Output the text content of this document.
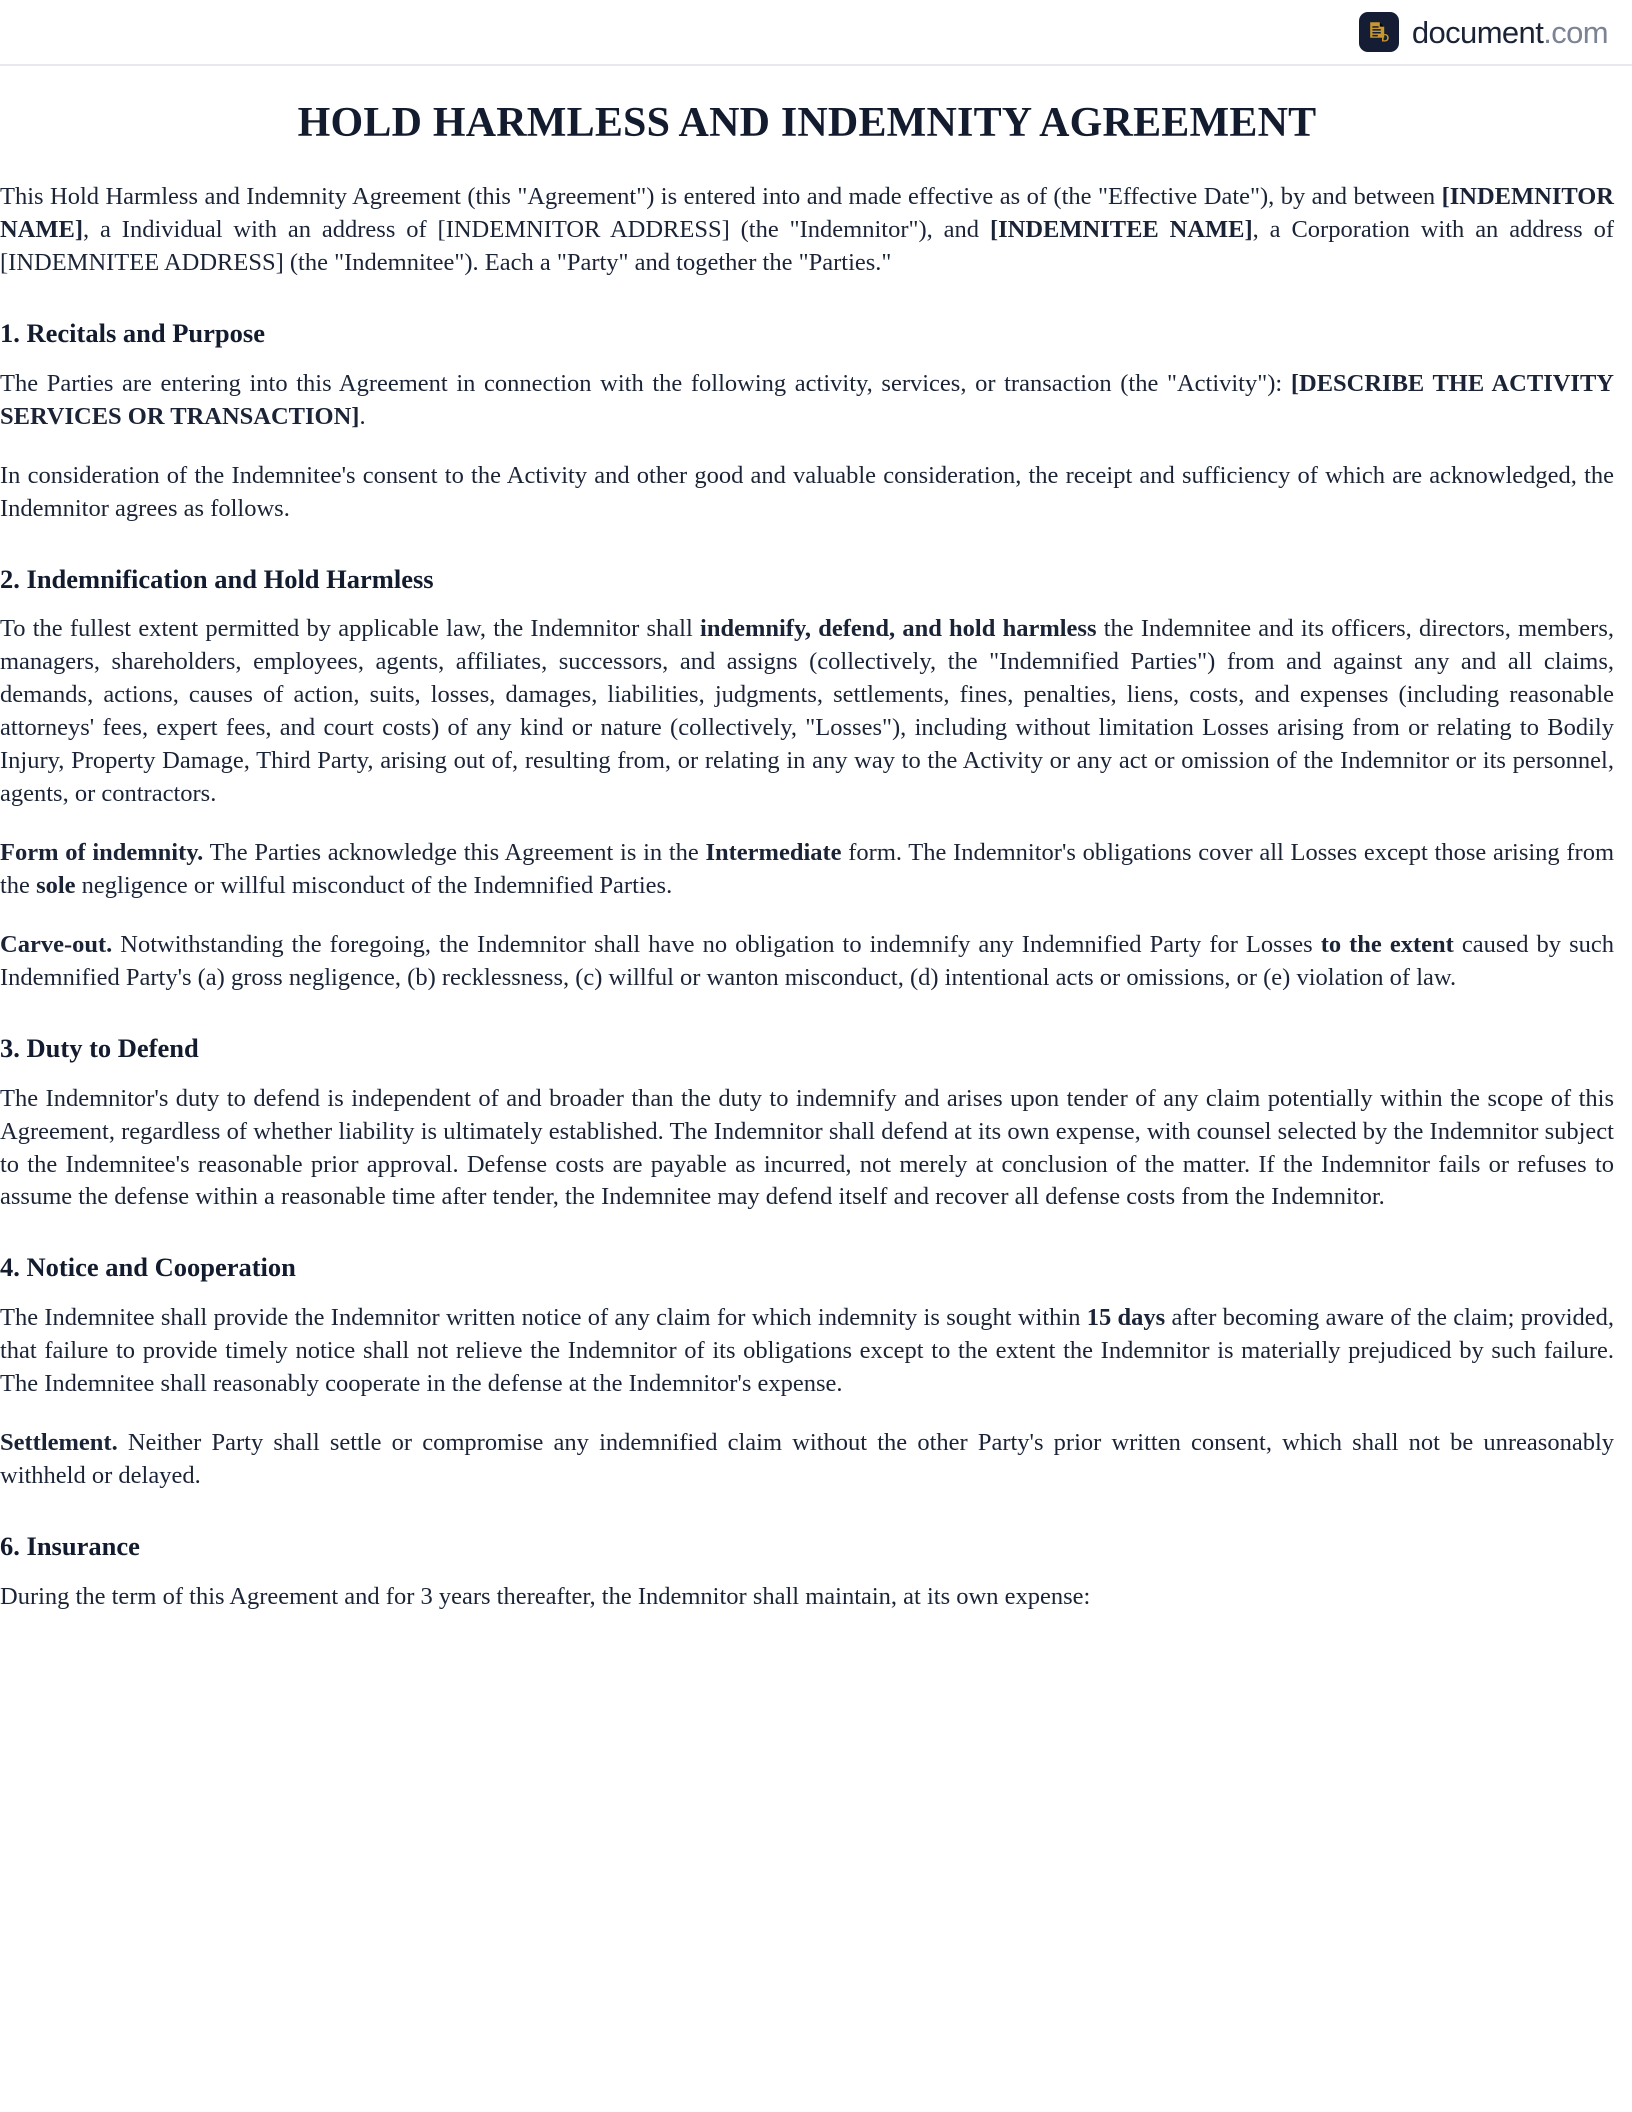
D document.com
HOLD HARMLESS AND INDEMNITY AGREEMENT

This Hold Harmless and Indemnity Agreement (this "Agreement") is entered into and made effective as of (the "Effective Date"), by and between [INDEMNITOR NAME], a Individual with an address of [INDEMNITOR ADDRESS] (the "Indemnitor"), and [INDEMNITEE NAME], a Corporation with an address of [INDEMNITEE ADDRESS] (the "Indemnitee"). Each a "Party" and together the "Parties."

1. Recitals and Purpose

The Parties are entering into this Agreement in connection with the following activity, services, or transaction (the "Activity"): [DESCRIBE THE ACTIVITY SERVICES OR TRANSACTION].

In consideration of the Indemnitee's consent to the Activity and other good and valuable consideration, the receipt and sufficiency of which are acknowledged, the Indemnitor agrees as follows.

2. Indemnification and Hold Harmless

To the fullest extent permitted by applicable law, the Indemnitor shall indemnify, defend, and hold harmless the Indemnitee and its officers, directors, members, managers, shareholders, employees, agents, affiliates, successors, and assigns (collectively, the "Indemnified Parties") from and against any and all claims, demands, actions, causes of action, suits, losses, damages, liabilities, judgments, settlements, fines, penalties, liens, costs, and expenses (including reasonable attorneys' fees, expert fees, and court costs) of any kind or nature (collectively, "Losses"), including without limitation Losses arising from or relating to Bodily Injury, Property Damage, Third Party, arising out of, resulting from, or relating in any way to the Activity or any act or omission of the Indemnitor or its personnel, agents, or contractors.

Form of indemnity. The Parties acknowledge this Agreement is in the Intermediate form. The Indemnitor's obligations cover all Losses except those arising from the sole negligence or willful misconduct of the Indemnified Parties.

Carve-out. Notwithstanding the foregoing, the Indemnitor shall have no obligation to indemnify any Indemnified Party for Losses to the extent caused by such Indemnified Party's (a) gross negligence, (b) recklessness, (c) willful or wanton misconduct, (d) intentional acts or omissions, or (e) violation of law.

3. Duty to Defend

The Indemnitor's duty to defend is independent of and broader than the duty to indemnify and arises upon tender of any claim potentially within the scope of this Agreement, regardless of whether liability is ultimately established. The Indemnitor shall defend at its own expense, with counsel selected by the Indemnitor subject to the Indemnitee's reasonable prior approval. Defense costs are payable as incurred, not merely at conclusion of the matter. If the Indemnitor fails or refuses to assume the defense within a reasonable time after tender, the Indemnitee may defend itself and recover all defense costs from the Indemnitor.

4. Notice and Cooperation

The Indemnitee shall provide the Indemnitor written notice of any claim for which indemnity is sought within 15 days after becoming aware of the claim; provided, that failure to provide timely notice shall not relieve the Indemnitor of its obligations except to the extent the Indemnitor is materially prejudiced by such failure. The Indemnitee shall reasonably cooperate in the defense at the Indemnitor's expense.

Settlement. Neither Party shall settle or compromise any indemnified claim without the other Party's prior written consent, which shall not be unreasonably withheld or delayed.

6. Insurance

During the term of this Agreement and for 3 years thereafter, the Indemnitor shall maintain, at its own expense:
